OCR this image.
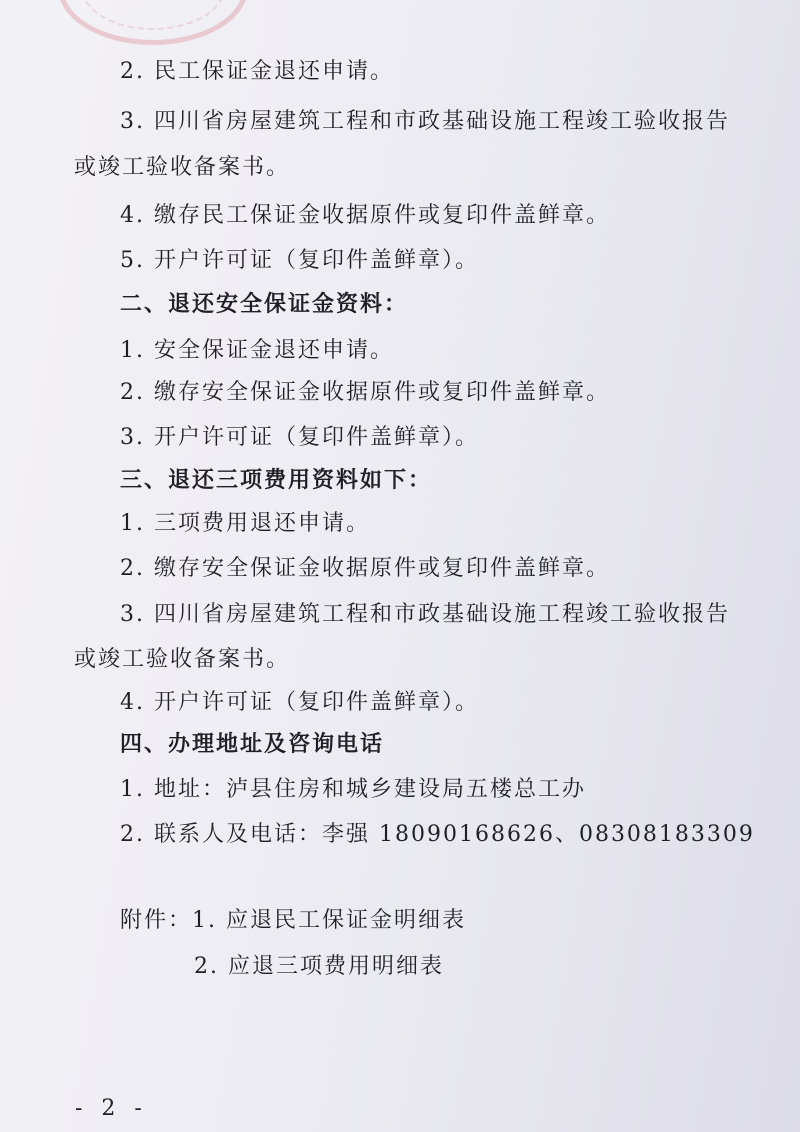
2. 民工保证金退还申请。
3. 四川省房屋建筑工程和市政基础设施工程竣工验收报告
或竣工验收备案书。
4. 缴存民工保证金收据原件或复印件盖鲜章。
5. 开户许可证（复印件盖鲜章）。
二、退还安全保证金资料：
1. 安全保证金退还申请。
2. 缴存安全保证金收据原件或复印件盖鲜章。
3. 开户许可证（复印件盖鲜章）。
三、退还三项费用资料如下：
1. 三项费用退还申请。
2. 缴存安全保证金收据原件或复印件盖鲜章。
3. 四川省房屋建筑工程和市政基础设施工程竣工验收报告
或竣工验收备案书。
4. 开户许可证（复印件盖鲜章）。
四、办理地址及咨询电话
1. 地址：泸县住房和城乡建设局五楼总工办
2. 联系人及电话：李强 18090168626、08308183309
附件：1. 应退民工保证金明细表
2. 应退三项费用明细表
- 2 -
